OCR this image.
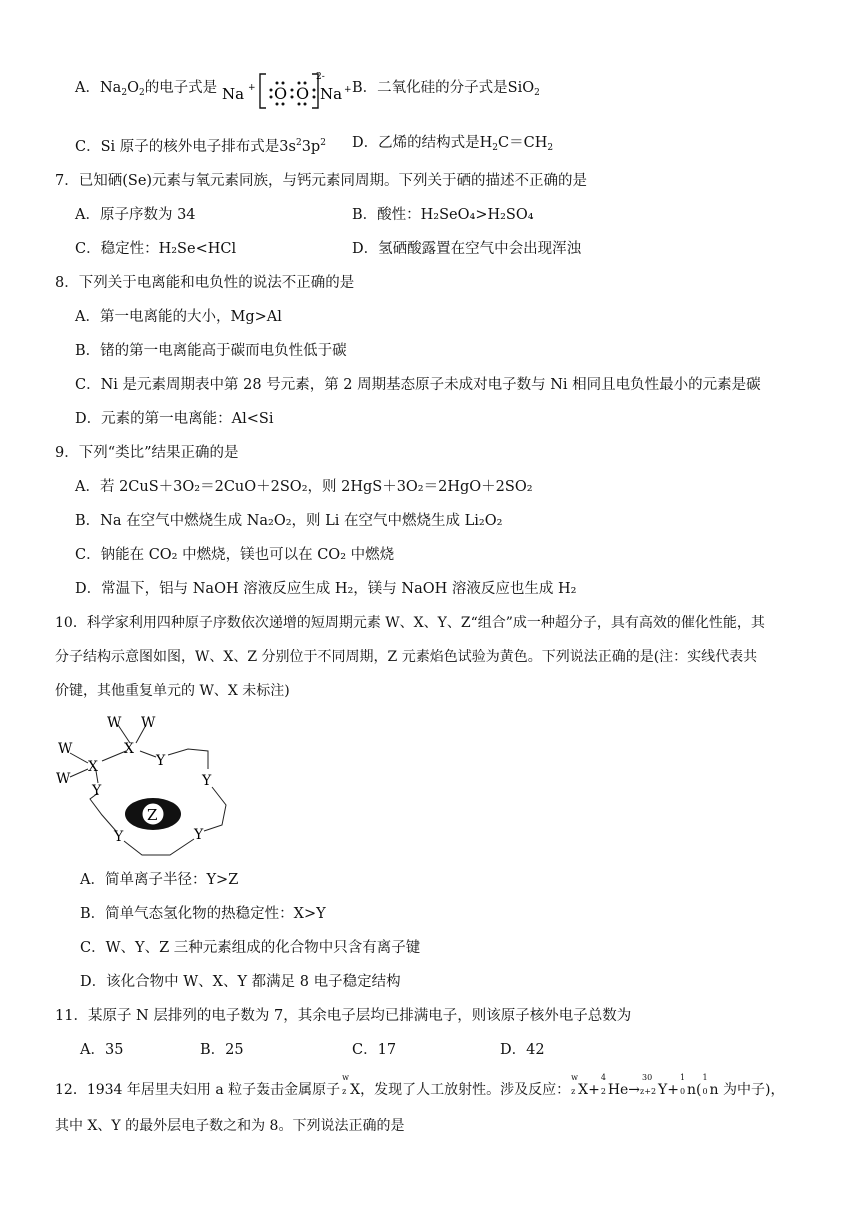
A．$Na_2O_2$的电子式是 Na + O O
2-
Na + B．二氧化硅的分子式是SiO$_2$
C．Si 原子的核外电子排布式是$3s^23p^2$ D．乙烯的结构式是$H_2C=CH_2$
7．已知硒(Se)元素与氧元素同族，与钙元素同周期。下列关于硒的描述不正确的是
A．原子序数为 34	B．酸性：H₂SeO₄>H₂SO₄
C．稳定性：H₂Se<HCl	D．氢硒酸露置在空气中会出现浑浊
8．下列关于电离能和电负性的说法不正确的是
A．第一电离能的大小，Mg>Al
B．锗的第一电离能高于碳而电负性低于碳
C．Ni 是元素周期表中第 28 号元素，第 2 周期基态原子未成对电子数与 Ni 相同且电负性最小的元素是碳
D．元素的第一电离能：Al<Si
9．下列“类比”结果正确的是
A．若 2CuS＋3O₂＝2CuO＋2SO₂，则 2HgS＋3O₂＝2HgO＋2SO₂
B．Na 在空气中燃烧生成 Na₂O₂，则 Li 在空气中燃烧生成 Li₂O₂
C．钠能在 CO₂ 中燃烧，镁也可以在 CO₂ 中燃烧
D．常温下，铝与 NaOH 溶液反应生成 H₂，镁与 NaOH 溶液反应也生成 H₂
10．科学家利用四种原子序数依次递增的短周期元素 W、X、Y、Z“组合”成一种超分子，具有高效的催化性能，其
分子结构示意图如图，W、X、Z 分别位于不同周期，Z 元素焰色试验为黄色。下列说法正确的是(注：实线代表共
价键，其他重复单元的 W、X 未标注)
W W
X
W
W
X	Y
Y
Y
Y
Y
Z
A．简单离子半径：Y>Z
B．简单气态氢化物的热稳定性：X>Y
C．W、Y、Z 三种元素组成的化合物中只含有离子键
D．该化合物中 W、X、Y 都满足 8 电子稳定结构
11．某原子 N 层排列的电子数为 7，其余电子层均已排满电子，则该原子核外电子总数为
A．35	B．25	C．17	D．42
12．1934 年居里夫妇用 a 粒子轰击金属原子
w
z X，发现了人工放射性。涉及反应：
w
z X+
4
2 He→
30
z+2 Y+
1
0 n(
1
0 n 为中子)，
其中 X、Y 的最外层电子数之和为 8。下列说法正确的是
